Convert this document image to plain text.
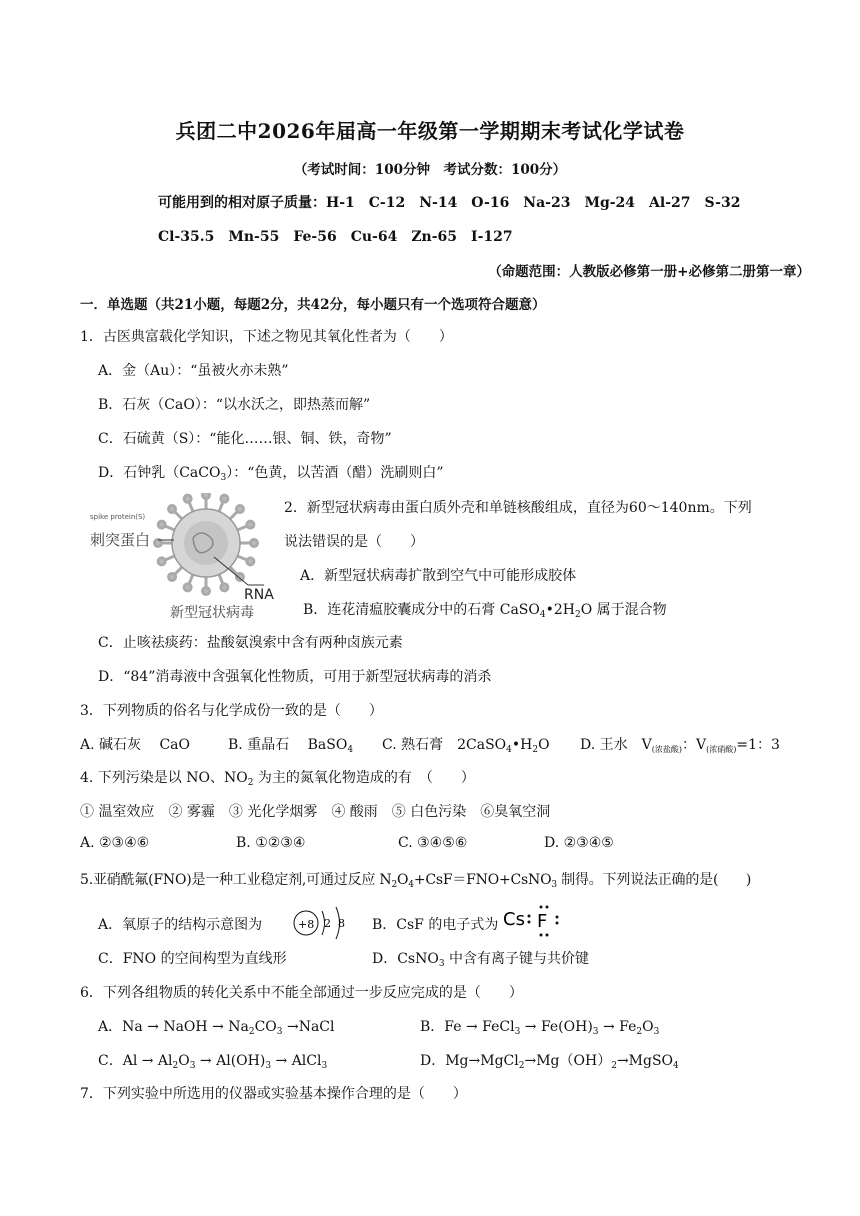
兵团二中2026年届高一年级第一学期期末考试化学试卷
（考试时间：100分钟　考试分数：100分）
可能用到的相对原子质量：H-1　C-12　N-14　O-16　Na-23　Mg-24　Al-27　S-32
Cl-35.5　Mn-55　Fe-56　Cu-64　Zn-65　I-127
（命题范围：人教版必修第一册+必修第二册第一章）
一．单选题（共21小题，每题2分，共42分，每小题只有一个选项符合题意）
1．古医典富载化学知识，下述之物见其氧化性者为（　　）
A．金（Au）：“虽被火亦未熟”
B．石灰（CaO）：“以水沃之，即热蒸而解”
C．石硫黄（S）：“能化……银、铜、铁，奇物”
D．石钟乳（CaCO$_3$）：“色黄，以苦酒（醋）洗刷则白”
spike protein(S)
刺突蛋白
RNA
新型冠状病毒
2．新型冠状病毒由蛋白质外壳和单链核酸组成，直径为60～140nm。下列
说法错误的是（　　）
A．新型冠状病毒扩散到空气中可能形成胶体
B．连花清瘟胶囊成分中的石膏 $CaSO_4•2H_2O$ 属于混合物
C．止咳祛痰药：盐酸氨溴索中含有两种卤族元素
D．“84”消毒液中含强氧化性物质，可用于新型冠状病毒的消杀
3．下列物质的俗名与化学成份一致的是（　　）
A. 碱石灰　 CaO	B. 重晶石　 BaSO$_4$ C. 熟石膏　$2CaSO_4•H_2O$ D. 王水　$V_{(浓盐酸)}$：$V_{(浓硝酸)}=1$：3
4. 下列污染是以 NO、$NO_2$ 为主的氮氧化物造成的有　（　　）
① 温室效应　② 雾霾　③ 光化学烟雾　④ 酸雨　⑤ 白色污染　⑥臭氧空洞
A. ②③④⑥	B. ①②③④	C. ③④⑤⑥	D. ②③④⑤
5.亚硝酰氟(FNO)是一种工业稳定剂,可通过反应 $N_2O_4+CsF=FNO+CsNO_3$ 制得。下列说法正确的是(　　)
A．氧原子的结构示意图为	+8 2 8 B．CsF 的电子式为 Cs F
C．FNO 的空间构型为直线形	D．CsNO$_3$ 中含有离子键与共价键
6．下列各组物质的转化关系中不能全部通过一步反应完成的是（　　）
A．Na → NaOH → $Na_2CO_3$ →NaCl	B．Fe → FeCl$_3$ → $Fe(OH)_3 \to Fe_2O_3$
C．$Al \to Al_2O_3 \to Al(OH)_3$ → AlCl$_3$	D．$Mg\to MgCl_2\to Mg(OH)_2\to MgSO_4$
7．下列实验中所选用的仪器或实验基本操作合理的是（　　）
